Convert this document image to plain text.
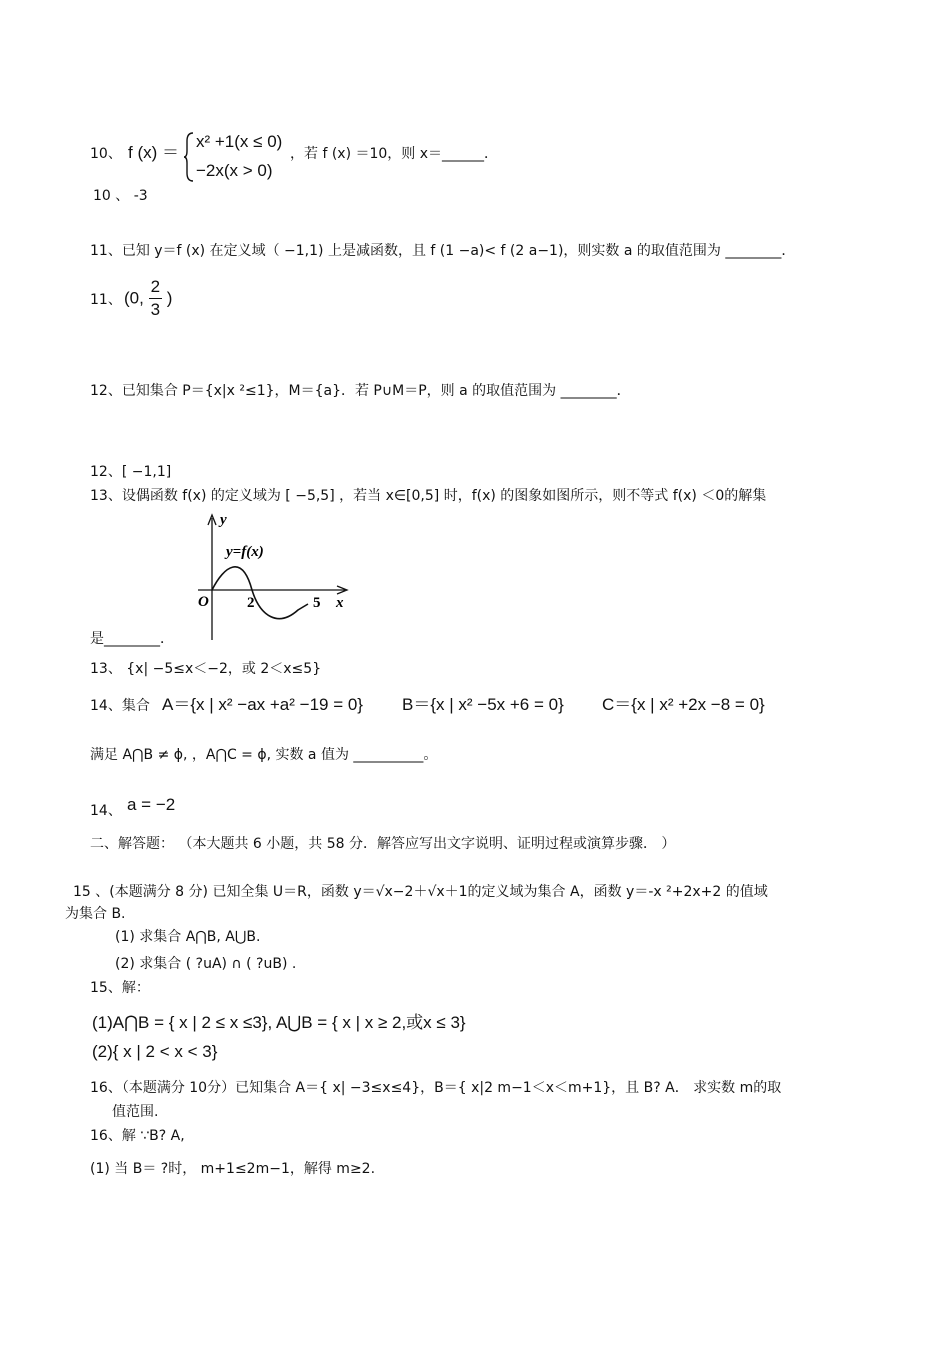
10、 f (x) ＝
x² +1(x ≤ 0)
−2x(x > 0)
，若 f (x) ＝10，则 x＝______．
10 、 -3
11、已知 y＝f (x) 在定义域（ −1,1) 上是减函数，且 f (1 −a)< f (2 a−1)，则实数 a 的取值范围为 ________．
11、 (0, $\frac{2}{3}$ )
12、已知集合 P＝{x|x ²≤1}，M＝{a}．若 P∪M＝P，则 a 的取值范围为 ________．
12、[ −1,1]
13、设偶函数 f(x) 的定义域为 [ −5,5] ，若当 x∈[0,5] 时，f(x) 的图象如图所示，则不等式 f(x) ＜0的解集
y
y=f(x)
O	2	5 x
是________．
13、 {x| −5≤x＜−2，或 2＜x≤5}
14、集合 A＝{x | x² −ax +a² −19 = 0} B＝{x | x² −5x +6 = 0} C＝{x | x² +2x −8 = 0}
满足 A⋂B ≠ ϕ, ，A⋂C = ϕ, 实数 a 值为 __________。
14、 a = −2
二、解答题： （本大题共 6 小题，共 58 分．解答应写出文字说明、证明过程或演算步骤． ）
15 、(本题满分 8 分) 已知全集 U＝R，函数 y＝√x−2＋√x＋1的定义域为集合 A，函数 y＝-x ²+2x+2 的值域
为集合 B.
(1) 求集合 A⋂B, A⋃B.
(2) 求集合 ( ?uA) ∩ ( ?uB) .
15、解：
(1)A⋂B = { x | 2 ≤ x ≤3}, A⋃B = { x | x ≥ 2,或x ≤ 3}
(2){ x | 2 < x < 3}
16、（本题满分 10分）已知集合 A＝{ x| −3≤x≤4}，B＝{ x|2 m−1＜x＜m+1}，且 B? A． 求实数 m的取
值范围.
16、解 ∵B? A,
(1) 当 B＝ ?时， m+1≤2m−1，解得 m≥2.
